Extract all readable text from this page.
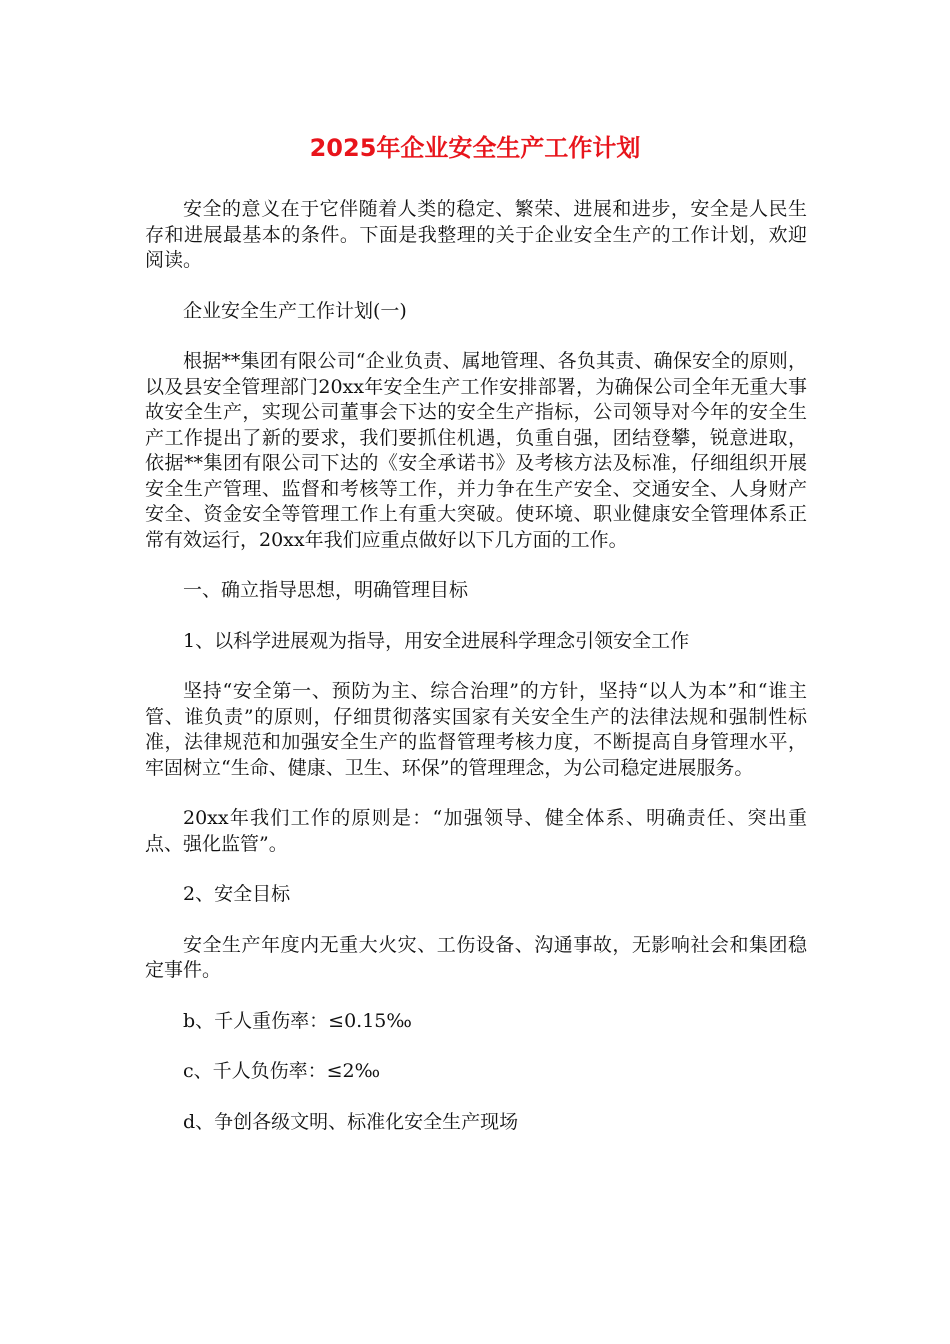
2025年企业安全生产工作计划

安全的意义在于它伴随着人类的稳定、繁荣、进展和进步，安全是人民生存和进展最基本的条件。下面是我整理的关于企业安全生产的工作计划，欢迎阅读。

企业安全生产工作计划(一)

根据**集团有限公司“企业负责、属地管理、各负其责、确保安全的原则，以及县安全管理部门20xx年安全生产工作安排部署，为确保公司全年无重大事故安全生产，实现公司董事会下达的安全生产指标，公司领导对今年的安全生产工作提出了新的要求，我们要抓住机遇，负重自强，团结登攀，锐意进取，依据**集团有限公司下达的《安全承诺书》及考核方法及标准，仔细组织开展安全生产管理、监督和考核等工作，并力争在生产安全、交通安全、人身财产安全、资金安全等管理工作上有重大突破。使环境、职业健康安全管理体系正常有效运行，20xx年我们应重点做好以下几方面的工作。

一、确立指导思想，明确管理目标

1、以科学进展观为指导，用安全进展科学理念引领安全工作

坚持“安全第一、预防为主、综合治理”的方针，坚持“以人为本”和“谁主管、谁负责”的原则，仔细贯彻落实国家有关安全生产的法律法规和强制性标准，法律规范和加强安全生产的监督管理考核力度，不断提高自身管理水平，牢固树立“生命、健康、卫生、环保”的管理理念，为公司稳定进展服务。

20xx年我们工作的原则是：“加强领导、健全体系、明确责任、突出重点、强化监管”。

2、安全目标

安全生产年度内无重大火灾、工伤设备、沟通事故，无影响社会和集团稳定事件。

b、千人重伤率：≤0.15‰

c、千人负伤率：≤2‰

d、争创各级文明、标准化安全生产现场
